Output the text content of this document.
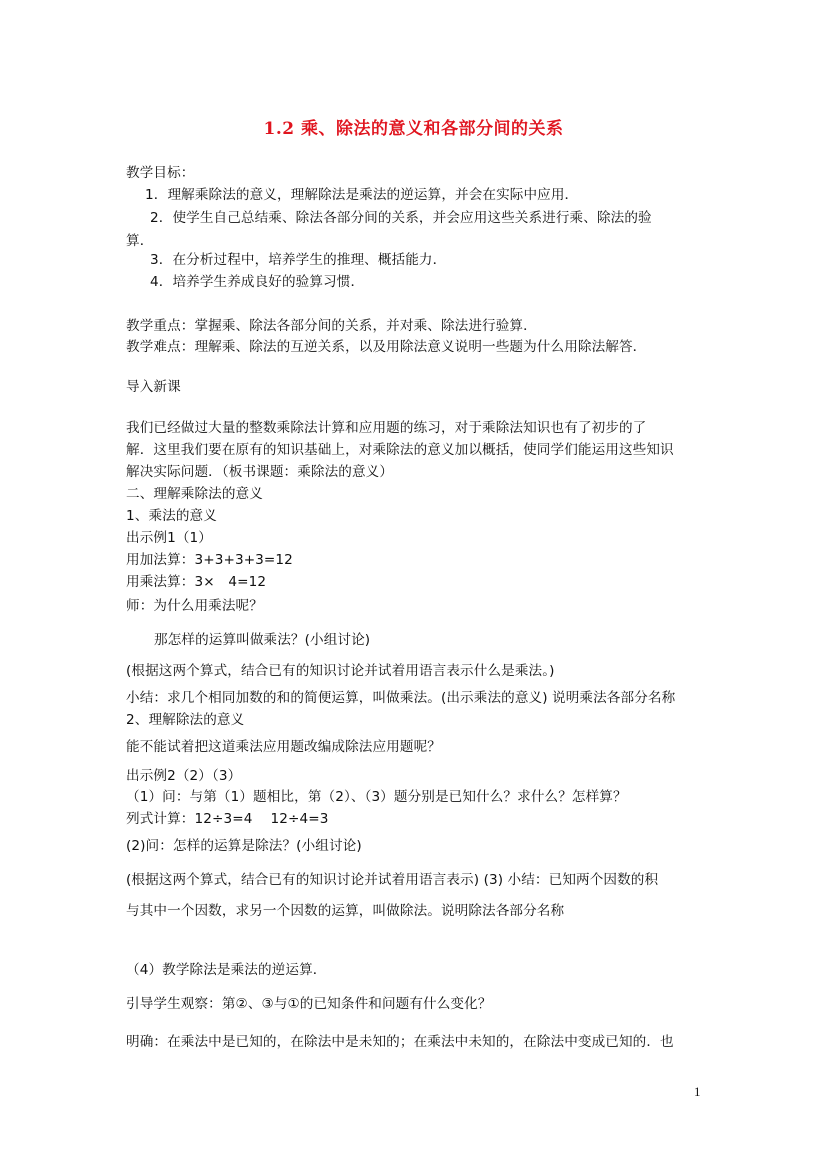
1.2 乘、除法的意义和各部分间的关系
教学目标：
1．理解乘除法的意义，理解除法是乘法的逆运算，并会在实际中应用．
2．使学生自己总结乘、除法各部分间的关系，并会应用这些关系进行乘、除法的验
算．
3．在分析过程中，培养学生的推理、概括能力．
4．培养学生养成良好的验算习惯．
教学重点：掌握乘、除法各部分间的关系，并对乘、除法进行验算．
教学难点：理解乘、除法的互逆关系，以及用除法意义说明一些题为什么用除法解答．
导入新课
我们已经做过大量的整数乘除法计算和应用题的练习，对于乘除法知识也有了初步的了
解．这里我们要在原有的知识基础上，对乘除法的意义加以概括，使同学们能运用这些知识
解决实际问题．（板书课题：乘除法的意义）
二、理解乘除法的意义
1、乘法的意义
出示例1（1）
用加法算：3+3+3+3=12
用乘法算：3×　4=12
师：为什么用乘法呢？
那怎样的运算叫做乘法？(小组讨论)
(根据这两个算式，结合已有的知识讨论并试着用语言表示什么是乘法。)
小结：求几个相同加数的和的简便运算，叫做乘法。(出示乘法的意义) 说明乘法各部分名称
2、理解除法的意义
能不能试着把这道乘法应用题改编成除法应用题呢？
出示例2（2）（3）
（1）问：与第（1）题相比，第（2）、（3）题分别是已知什么？求什么？怎样算？
列式计算：12÷3=4　 12÷4=3
(2)问：怎样的运算是除法？(小组讨论)
(根据这两个算式，结合已有的知识讨论并试着用语言表示) (3) 小结：已知两个因数的积
与其中一个因数，求另一个因数的运算，叫做除法。说明除法各部分名称
（4）教学除法是乘法的逆运算．
引导学生观察：第②、③与①的已知条件和问题有什么变化？
明确：在乘法中是已知的，在除法中是未知的；在乘法中未知的，在除法中变成已知的．也
1
